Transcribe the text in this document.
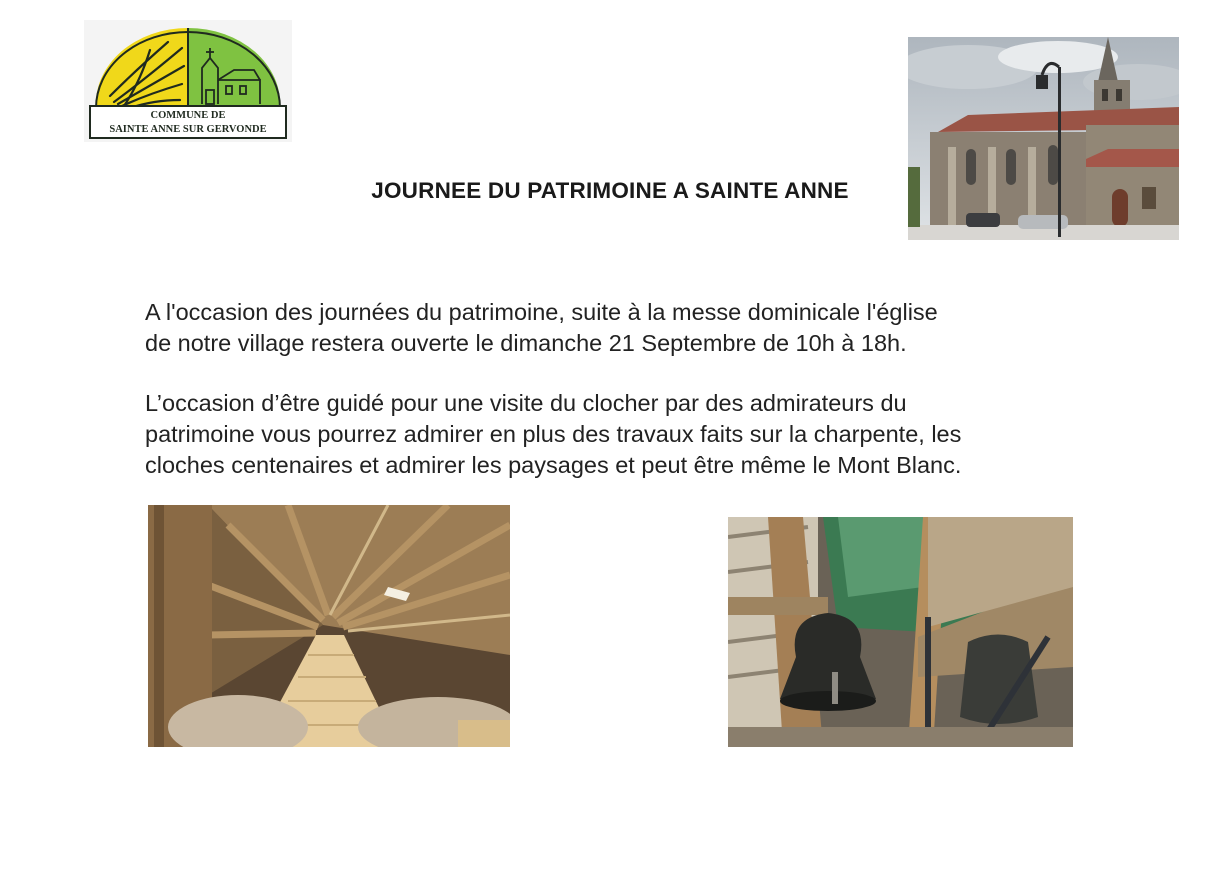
COMMUNE DE
SAINTE ANNE SUR GERVONDE
JOURNEE DU PATRIMOINE A SAINTE ANNE
A l'occasion des journées du patrimoine, suite à la messe dominicale l'église
de notre village restera ouverte le dimanche 21 Septembre de 10h à 18h.
L’occasion d’être guidé pour une visite du clocher par des admirateurs du
patrimoine vous pourrez admirer en plus des travaux faits sur la charpente, les
cloches centenaires et admirer les paysages et peut être même le Mont Blanc.
